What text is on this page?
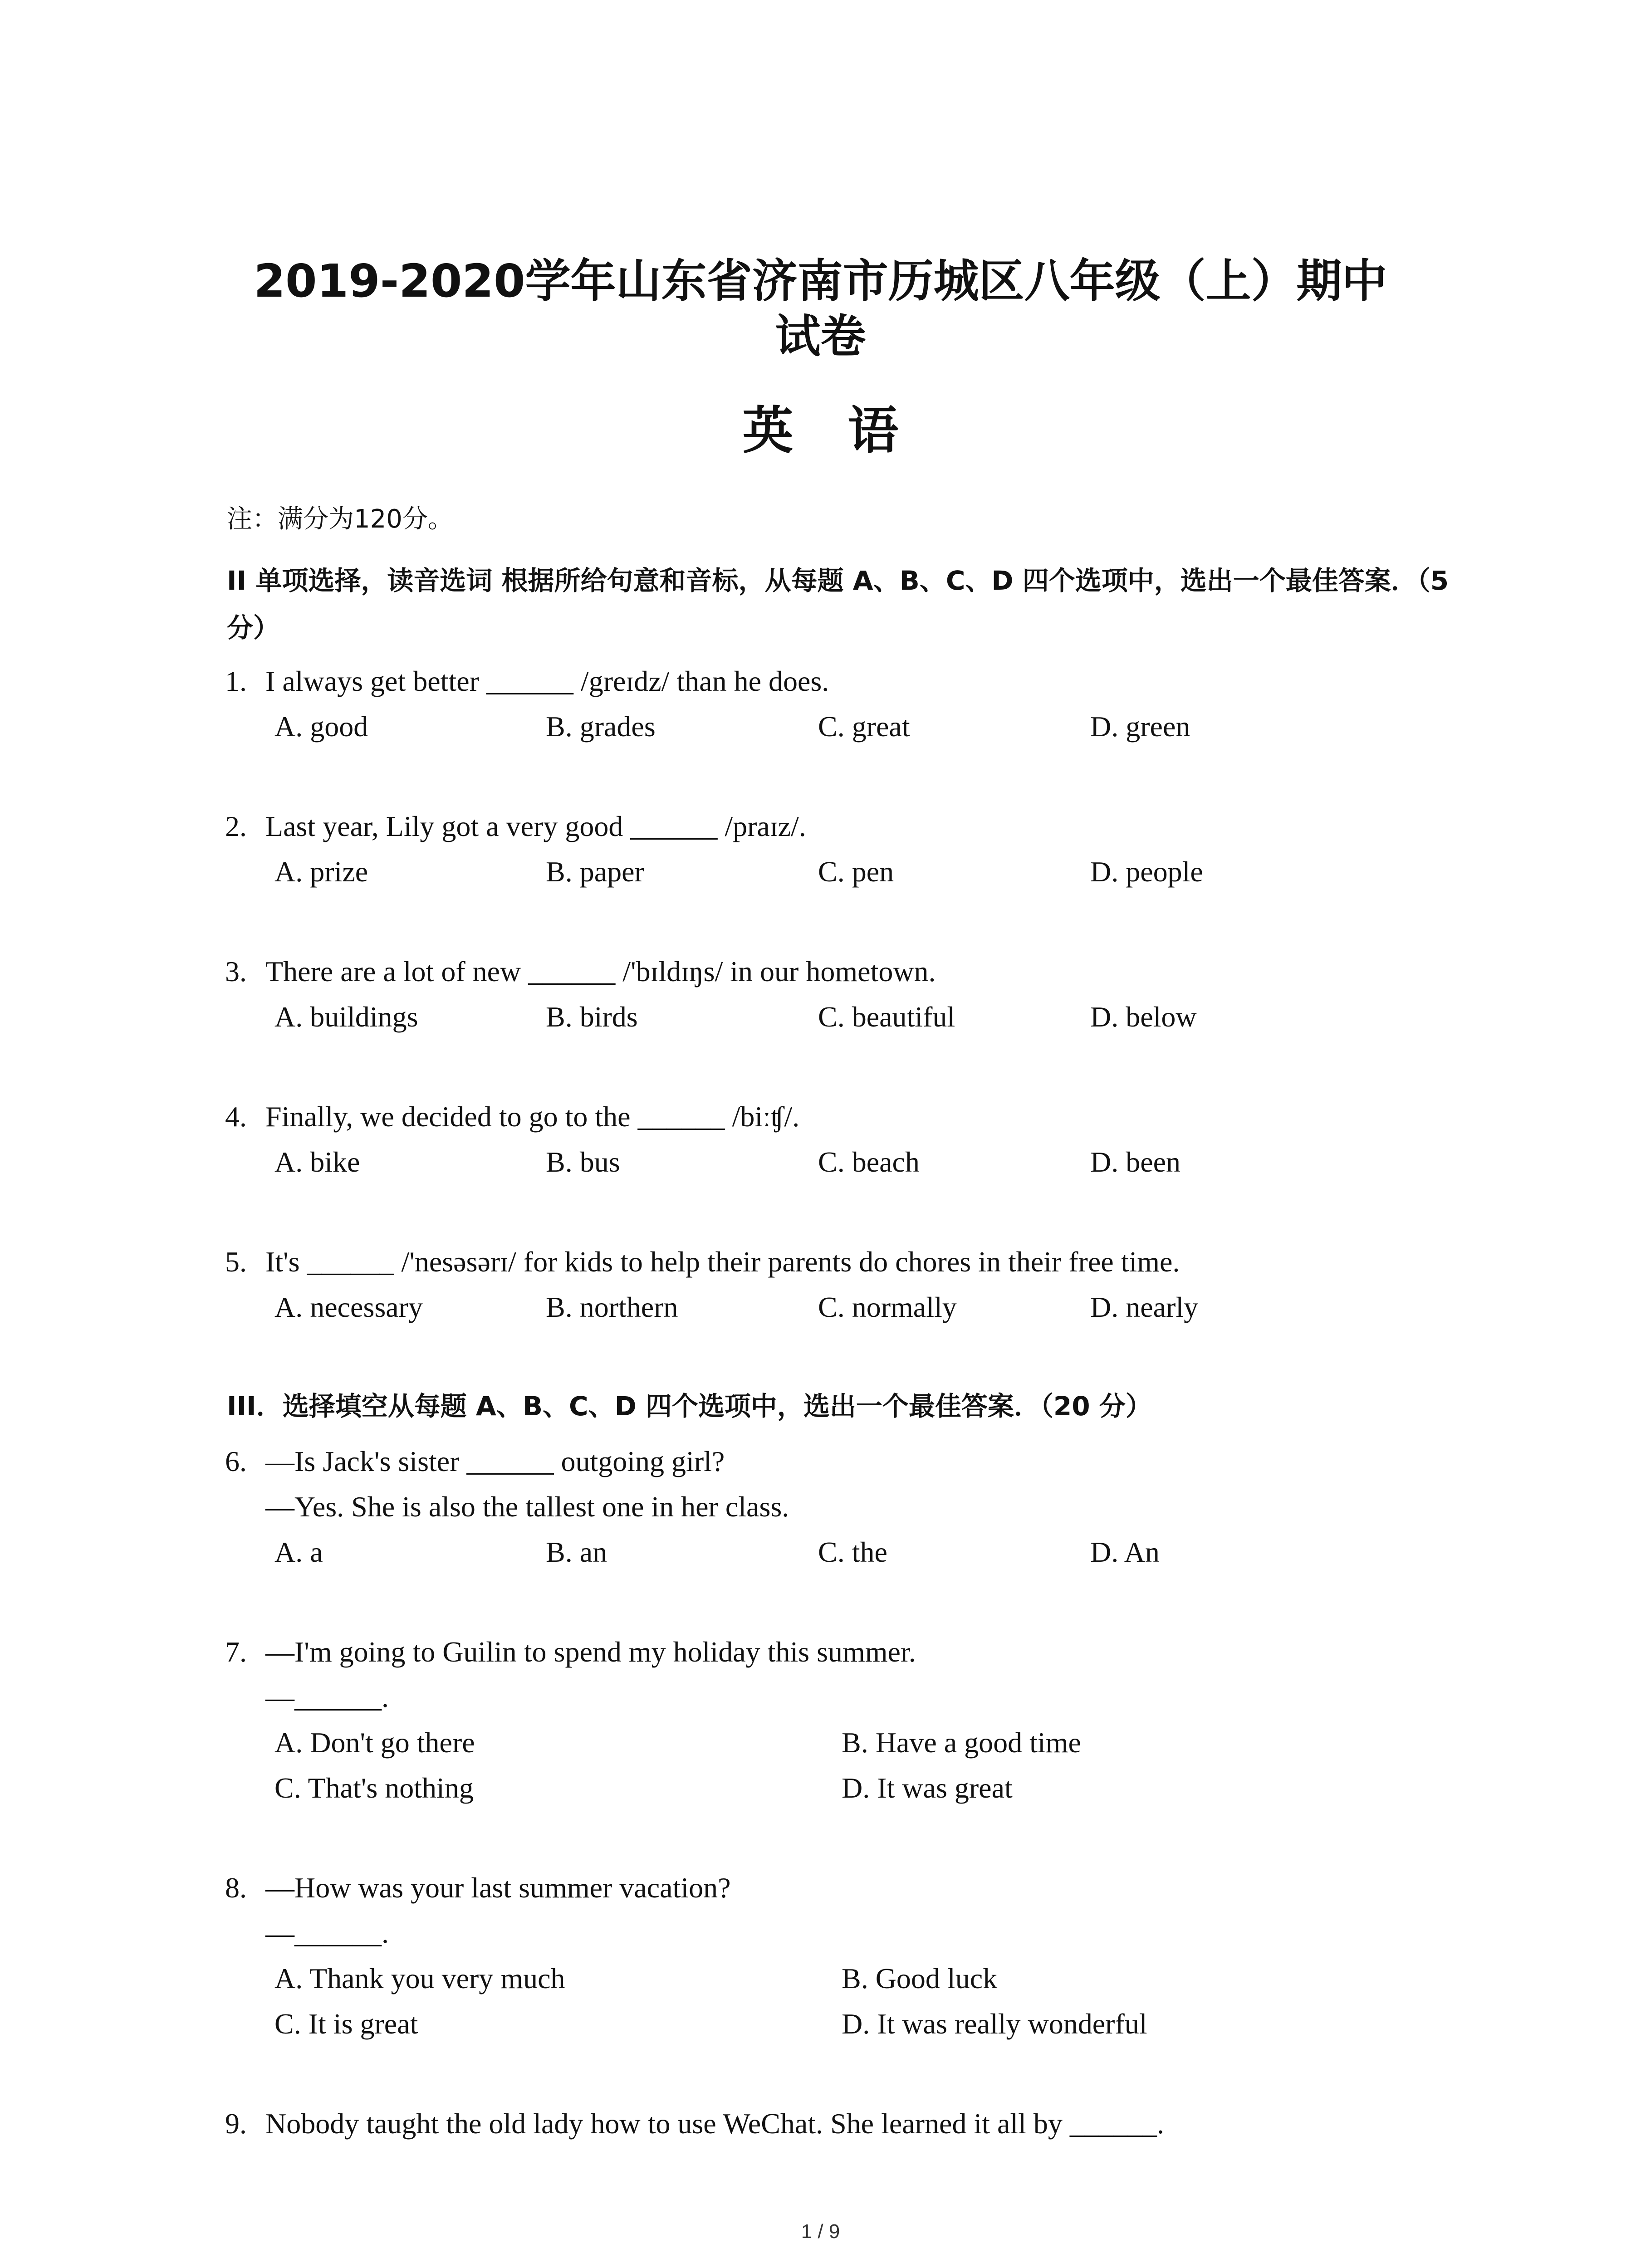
2019-2020学年山东省济南市历城区八年级（上）期中
试卷
英语
注：满分为120分。
II 单项选择，读音选词 根据所给句意和音标，从每题 A、B、C、D 四个选项中，选出一个最佳答案．（5 分）
1. I always get better ______ /greɪdz/ than he does.
A. good	B. grades	C. great	D. green
2. Last year, Lily got a very good ______ /praɪz/.
A. prize	B. paper	C. pen	D. people
3. There are a lot of new ______ /'bɪldɪŋs/ in our hometown.
A. buildings	B. birds	C. beautiful	D. below
4. Finally, we decided to go to the ______ /biːʧ/.
A. bike	B. bus	C. beach	D. been
5. It's ______ /'nesəsərɪ/ for kids to help their parents do chores in their free time.
A. necessary	B. northern	C. normally	D. nearly
III．选择填空从每题 A、B、C、D 四个选项中，选出一个最佳答案．（20 分）
6. —Is Jack's sister ______ outgoing girl?
—Yes. She is also the tallest one in her class.
A. a	B. an	C. the	D. An
7. —I'm going to Guilin to spend my holiday this summer.
—______.
A. Don't go there	B. Have a good time
C. That's nothing	D. It was great
8. —How was your last summer vacation?
—______.
A. Thank you very much	B. Good luck
C. It is great	D. It was really wonderful
9. Nobody taught the old lady how to use WeChat. She learned it all by ______.
1 / 9
